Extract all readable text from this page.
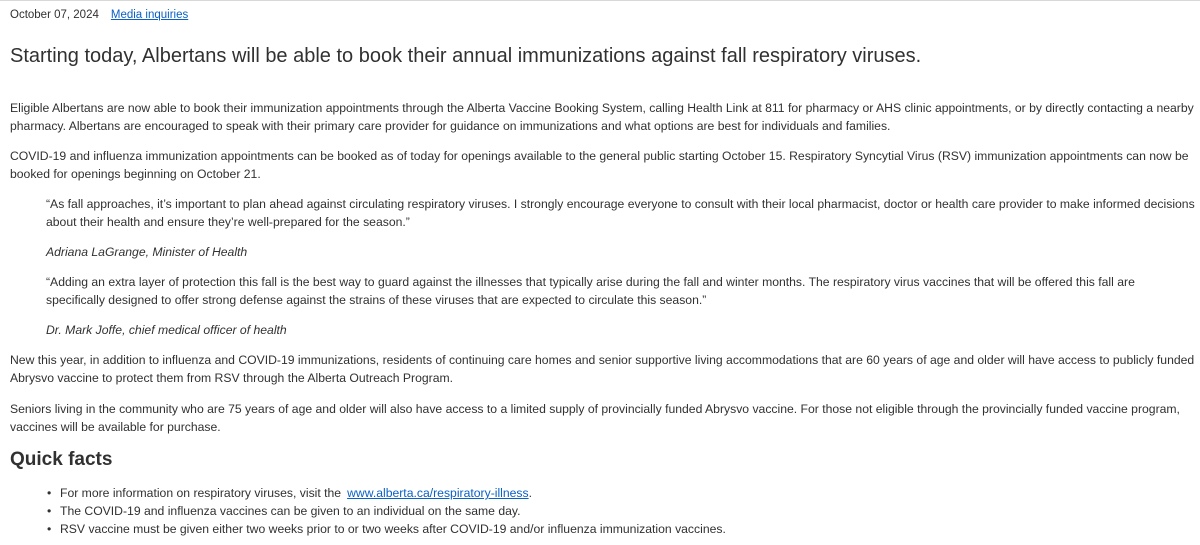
October 07, 2024 Media inquiries
Starting today, Albertans will be able to book their annual immunizations against fall respiratory viruses.

Eligible Albertans are now able to book their immunization appointments through the Alberta Vaccine Booking System, calling Health Link at 811 for pharmacy or AHS clinic appointments, or by directly contacting a nearby pharmacy. Albertans are encouraged to speak with their primary care provider for guidance on immunizations and what options are best for individuals and families.

COVID-19 and influenza immunization appointments can be booked as of today for openings available to the general public starting October 15. Respiratory Syncytial Virus (RSV) immunization appointments can now be booked for openings beginning on October 21.

“As fall approaches, it’s important to plan ahead against circulating respiratory viruses. I strongly encourage everyone to consult with their local pharmacist, doctor or health care provider to make informed decisions about their health and ensure they’re well-prepared for the season.”

Adriana LaGrange, Minister of Health

“Adding an extra layer of protection this fall is the best way to guard against the illnesses that typically arise during the fall and winter months. The respiratory virus vaccines that will be offered this fall are specifically designed to offer strong defense against the strains of these viruses that are expected to circulate this season.”

Dr. Mark Joffe, chief medical officer of health

New this year, in addition to influenza and COVID-19 immunizations, residents of continuing care homes and senior supportive living accommodations that are 60 years of age and older will have access to publicly funded Abrysvo vaccine to protect them from RSV through the Alberta Outreach Program.

Seniors living in the community who are 75 years of age and older will also have access to a limited supply of provincially funded Abrysvo vaccine. For those not eligible through the provincially funded vaccine program, vaccines will be available for purchase.

Quick facts
• For more information on respiratory viruses, visit the www.alberta.ca/respiratory-illness.
• The COVID-19 and influenza vaccines can be given to an individual on the same day.
• RSV vaccine must be given either two weeks prior to or two weeks after COVID-19 and/or influenza immunization vaccines.
